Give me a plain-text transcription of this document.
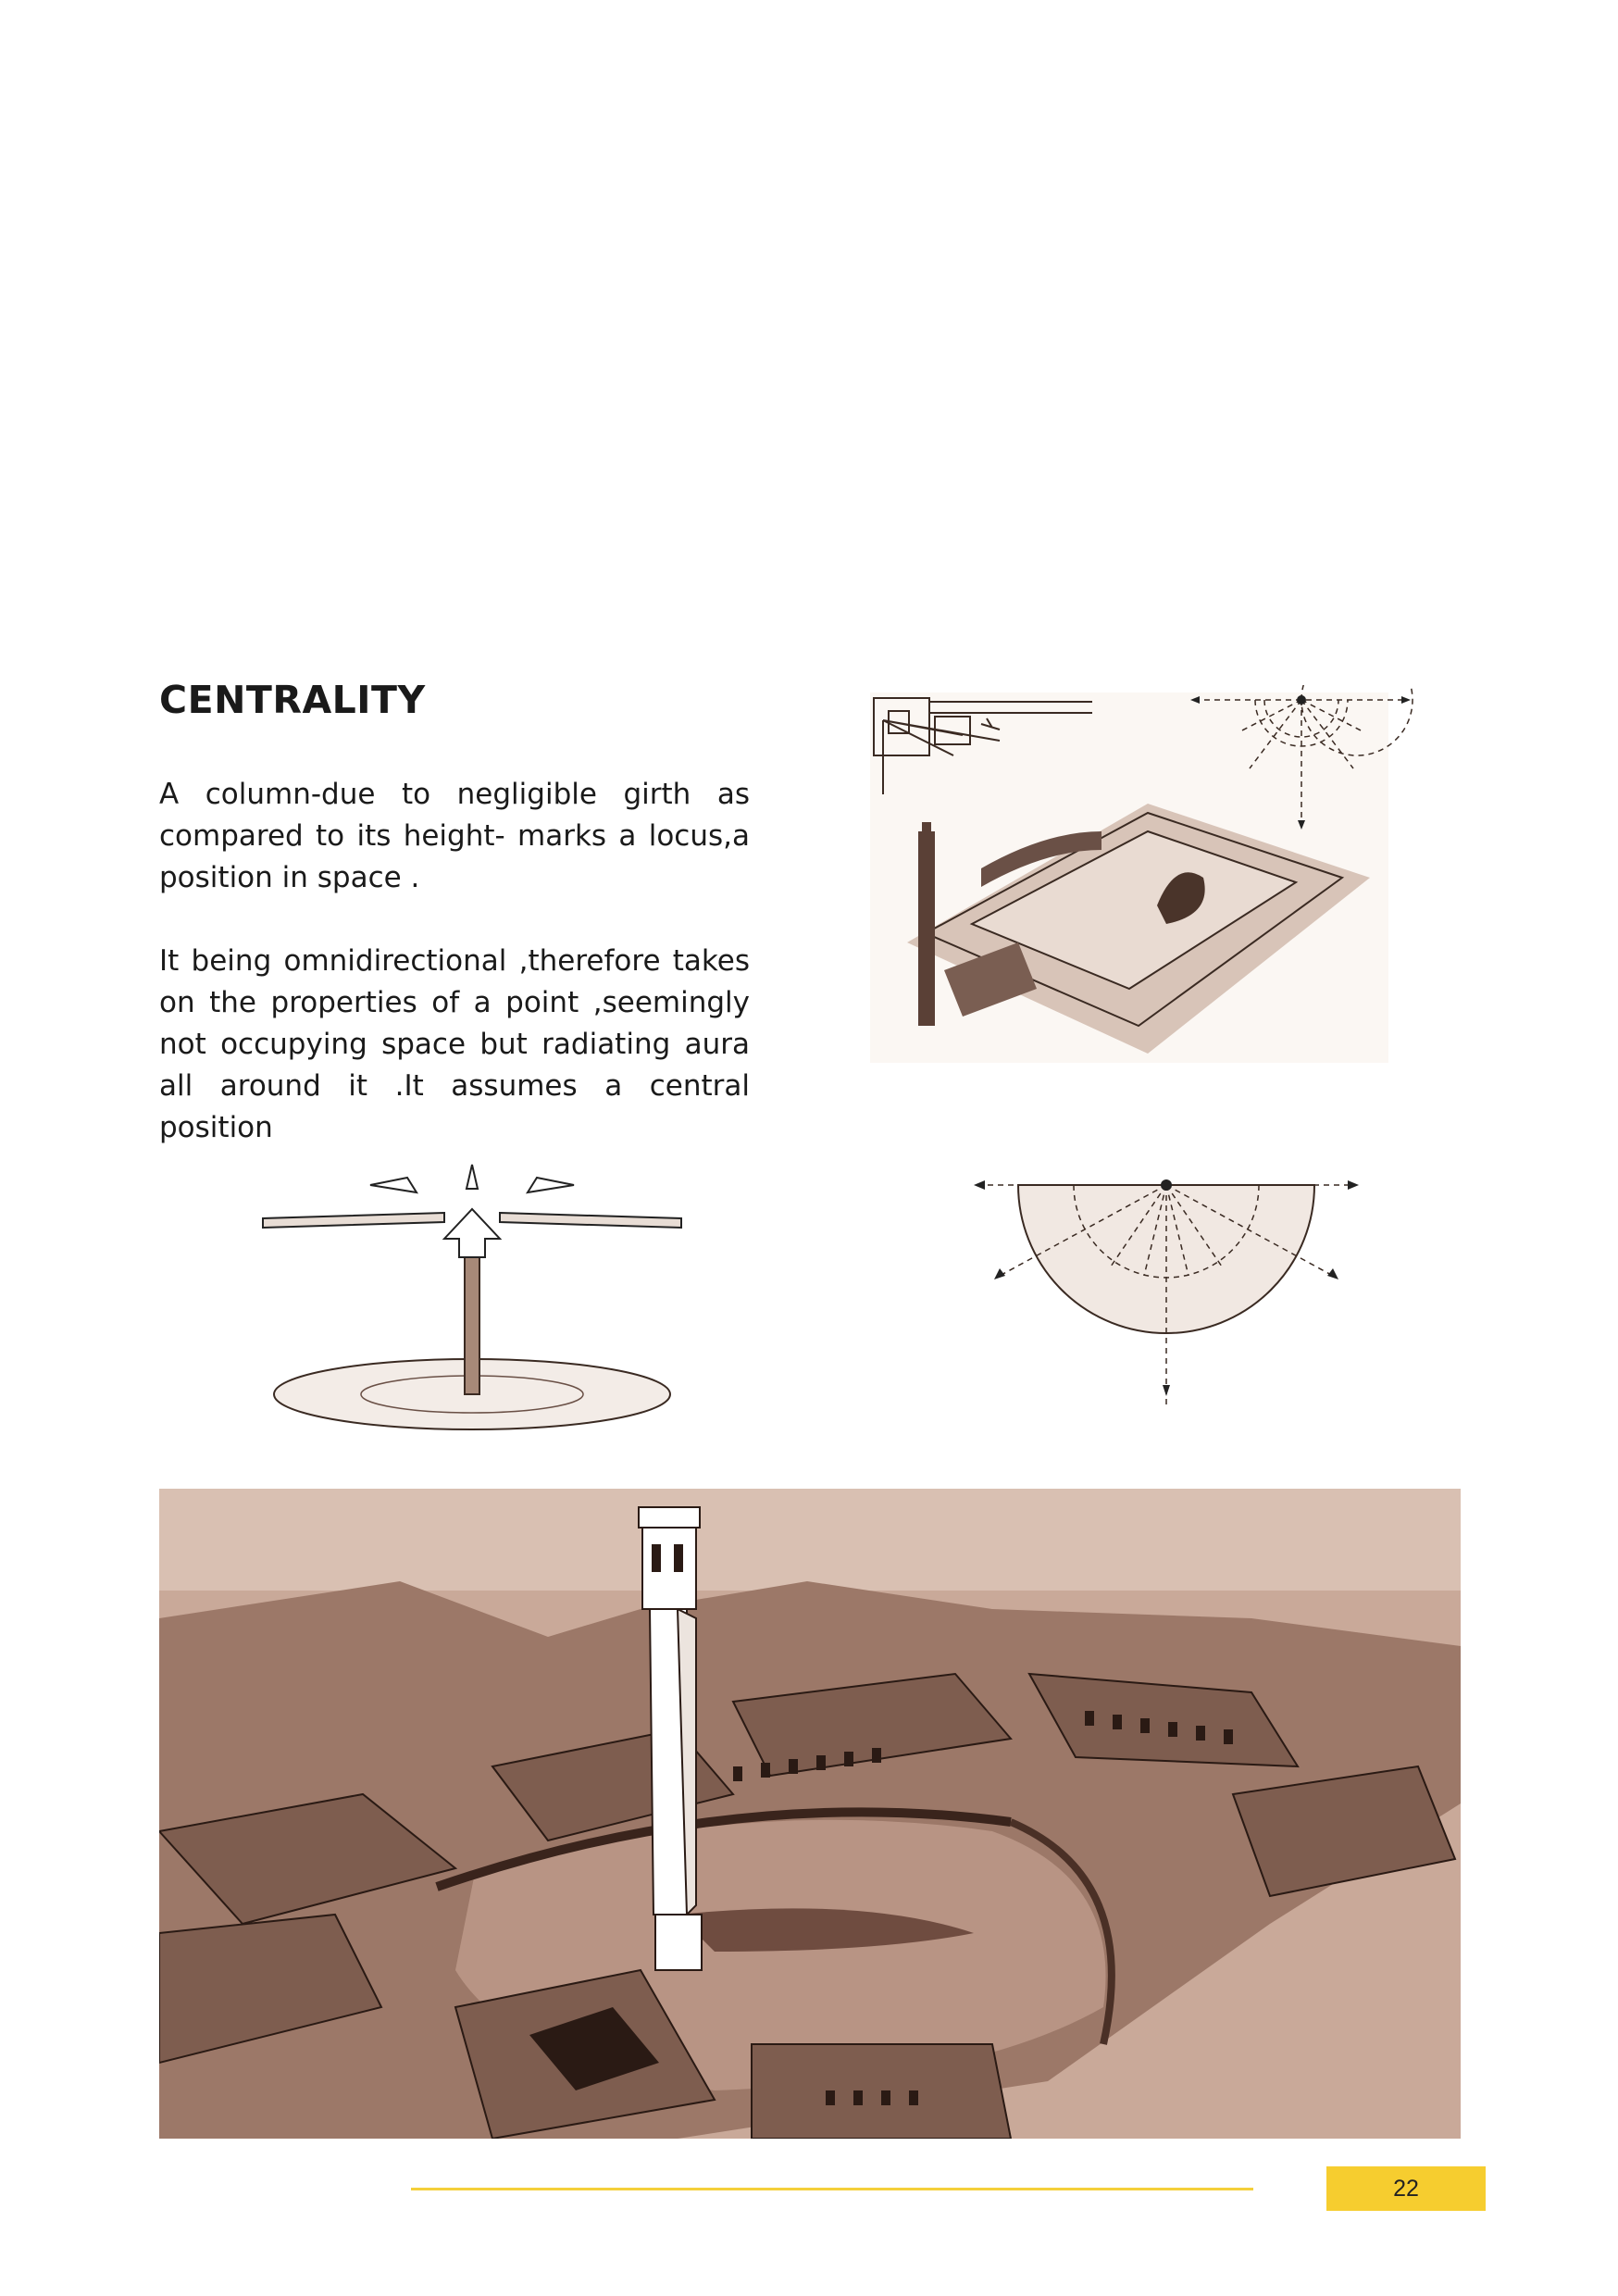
CENTRALITY

A column-due to negligible girth as compared to its height- marks a locus,a position in space .

It being omnidirectional ,therefore takes on the properties of a point ,seemingly not occupying space but radiating aura all around it .It assumes a central position

22
